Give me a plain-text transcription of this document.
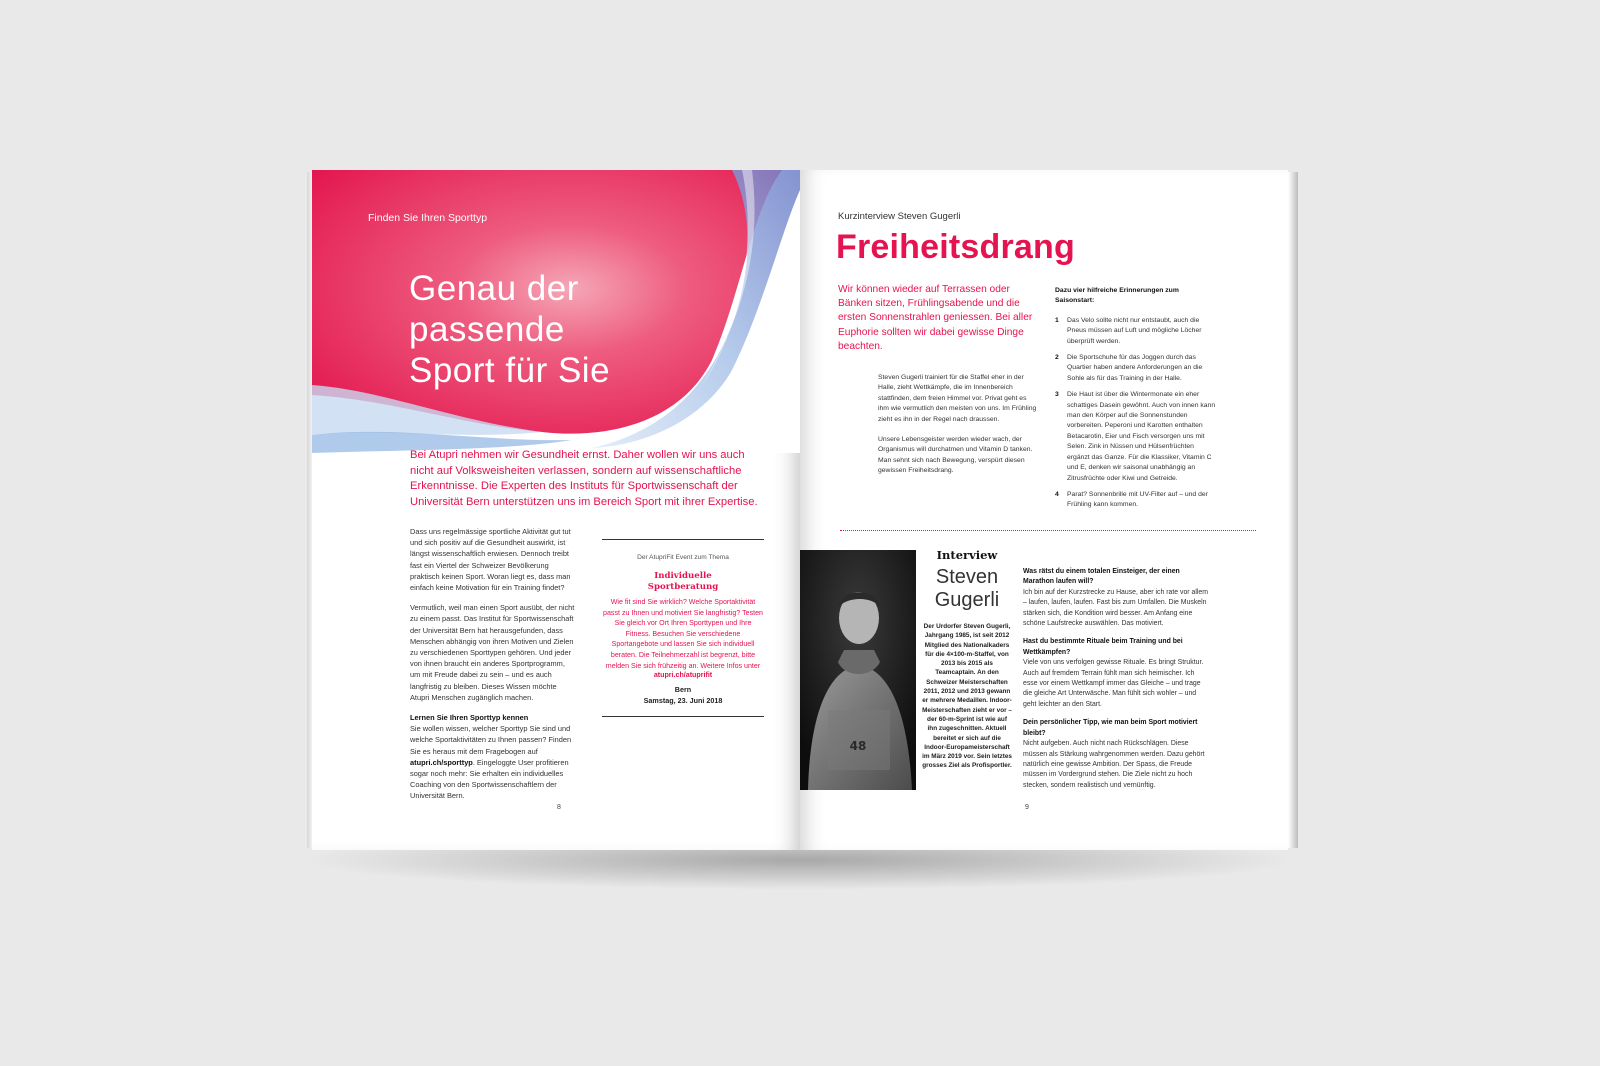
Finden Sie Ihren Sporttyp
Genau der
passende
Sport für Sie
Bei Atupri nehmen wir Gesundheit ernst. Daher wollen wir uns auch nicht auf Volksweisheiten verlassen, sondern auf wissenschaftliche Erkenntnisse. Die Experten des Instituts für Sportwissenschaft der Universität Bern unterstützen uns im Bereich Sport mit ihrer Expertise.

Dass uns regelmässige sportliche Aktivität gut tut und sich positiv auf die Gesundheit auswirkt, ist längst wissenschaftlich erwiesen. Dennoch treibt fast ein Viertel der Schweizer Bevölkerung praktisch keinen Sport. Woran liegt es, dass man einfach keine Motivation für ein Training findet?

Vermutlich, weil man einen Sport ausübt, der nicht zu einem passt. Das Institut für Sportwissenschaft der Universität Bern hat herausgefunden, dass Menschen abhängig von ihren Motiven und Zielen zu verschiedenen Sporttypen gehören. Und jeder von ihnen braucht ein anderes Sportprogramm, um mit Freude dabei zu sein – und es auch langfristig zu bleiben. Dieses Wissen möchte Atupri Menschen zugänglich machen.

Lernen Sie Ihren Sporttyp kennen

Sie wollen wissen, welcher Sporttyp Sie sind und welche Sportaktivitäten zu Ihnen passen? Finden Sie es heraus mit dem Fragebogen auf atupri.ch/sporttyp. Eingeloggte User profitieren sogar noch mehr: Sie erhalten ein individuelles Coaching von den Sportwissenschaftlern der Universität Bern.

Der AtupriFit Event zum Thema
Individuelle
Sportberatung
Wie fit sind Sie wirklich? Welche Sportaktivität passt zu Ihnen und motiviert Sie langfristig? Testen Sie gleich vor Ort Ihren Sporttypen und Ihre Fitness. Besuchen Sie verschiedene Sportangebote und lassen Sie sich individuell beraten. Die Teilnehmerzahl ist begrenzt, bitte melden Sie sich frühzeitig an. Weitere Infos unter
atupri.ch/atuprifit
Bern
Samstag, 23. Juni 2018
8
Kurzinterview Steven Gugerli
Freiheitsdrang
Wir können wieder auf Terrassen oder Bänken sitzen, Frühlingsabende und die ersten Sonnenstrahlen geniessen. Bei aller Euphorie sollten wir dabei gewisse Dinge beachten.

Steven Gugerli trainiert für die Staffel eher in der Halle, zieht Wettkämpfe, die im Innenbereich stattfinden, dem freien Himmel vor. Privat geht es ihm wie vermutlich den meisten von uns. Im Frühling zieht es ihn in der Regel nach draussen.

Unsere Lebensgeister werden wieder wach, der Organismus will durchatmen und Vitamin D tanken. Man sehnt sich nach Bewegung, verspürt diesen gewissen Freiheitsdrang.

Dazu vier hilfreiche Erinnerungen zum Saisonstart:
1 Das Velo sollte nicht nur entstaubt, auch die Pneus müssen auf Luft und mögliche Löcher überprüft werden.
2 Die Sportschuhe für das Joggen durch das Quartier haben andere Anforderungen an die Sohle als für das Training in der Halle.
3 Die Haut ist über die Wintermonate ein eher schattiges Dasein gewöhnt. Auch von innen kann man den Körper auf die Sonnenstunden vorbereiten. Peperoni und Karotten enthalten Betacarotin, Eier und Fisch versorgen uns mit Selen. Zink in Nüssen und Hülsenfrüchten ergänzt das Ganze. Für die Klassiker, Vitamin C und E, denken wir saisonal unabhängig an Zitrusfrüchte oder Kiwi und Getreide.
4 Parat? Sonnenbrille mit UV-Filter auf – und der Frühling kann kommen.
48
Interview
Steven
Gugerli
Der Urdorfer Steven Gugerli, Jahrgang 1985, ist seit 2012 Mitglied des Nationalkaders für die 4×100-m-Staffel, von 2013 bis 2015 als Teamcaptain. An den Schweizer Meisterschaften 2011, 2012 und 2013 gewann er mehrere Medaillen. Indoor-Meisterschaften zieht er vor – der 60-m-Sprint ist wie auf ihn zugeschnitten. Aktuell bereitet er sich auf die Indoor-Europameisterschaft im März 2019 vor. Sein letztes grosses Ziel als Profisportler.
Was rätst du einem totalen Einsteiger, der einen Marathon laufen will?
Ich bin auf der Kurzstrecke zu Hause, aber ich rate vor allem – laufen, laufen, laufen. Fast bis zum Umfallen. Die Muskeln stärken sich, die Kondition wird besser. Am Anfang eine schöne Laufstrecke auswählen. Das motiviert.
Hast du bestimmte Rituale beim Training und bei Wettkämpfen?
Viele von uns verfolgen gewisse Rituale. Es bringt Struktur. Auch auf fremdem Terrain fühlt man sich heimischer. Ich esse vor einem Wettkampf immer das Gleiche – und trage die gleiche Art Unterwäsche. Man fühlt sich wohler – und geht leichter an den Start.
Dein persönlicher Tipp, wie man beim Sport motiviert bleibt?
Nicht aufgeben. Auch nicht nach Rückschlägen. Diese müssen als Stärkung wahrgenommen werden. Dazu gehört natürlich eine gewisse Ambition. Der Spass, die Freude müssen im Vordergrund stehen. Die Ziele nicht zu hoch stecken, sondern realistisch und vernünftig.
9
